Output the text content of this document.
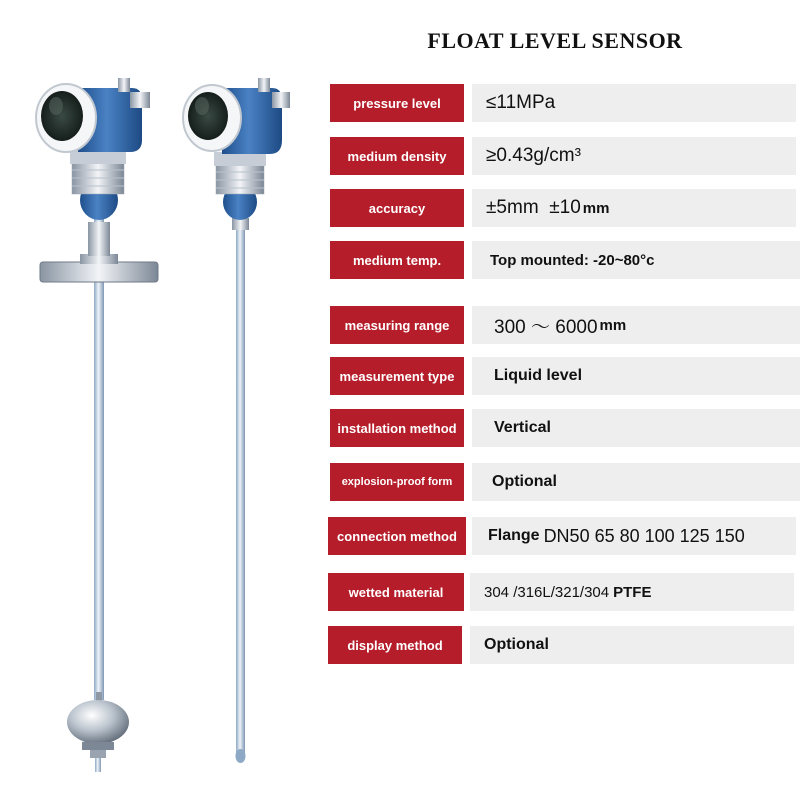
FLOAT LEVEL SENSOR
pressure level	≤11MPa
medium density	≥0.43g/cm³
accuracy	±5mm  ±10 mm
medium temp.	Top mounted: -20~80°c
measuring range	300 ～ 6000 mm
measurement type	Liquid level
installation method	Vertical
explosion-proof form	Optional
connection method	Flange DN50 65 80 100 125 150
wetted material	304 /316L/321/304 PTFE
display method	Optional
